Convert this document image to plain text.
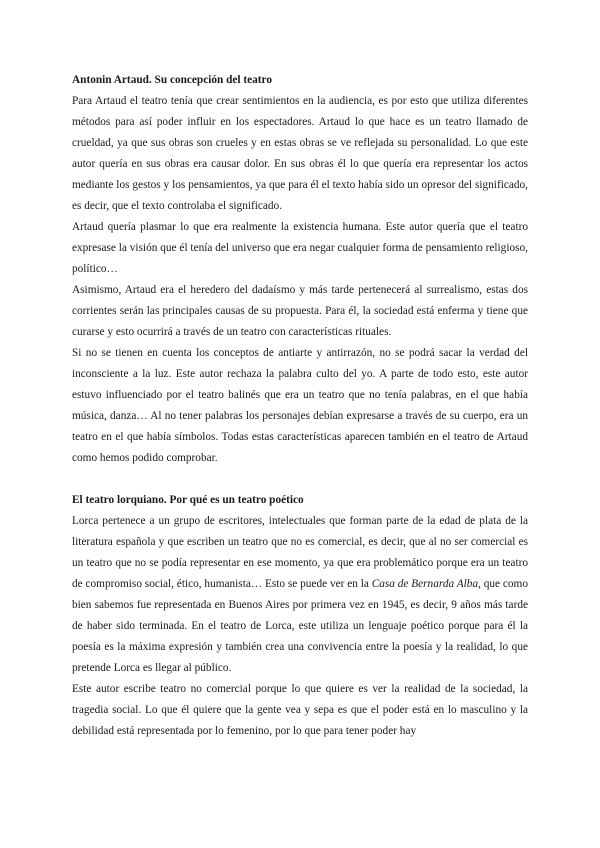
Antonin Artaud. Su concepción del teatro

Para Artaud el teatro tenía que crear sentimientos en la audiencia, es por esto que utiliza diferentes métodos para así poder influir en los espectadores. Artaud lo que hace es un teatro llamado de crueldad, ya que sus obras son crueles y en estas obras se ve reflejada su personalidad. Lo que este autor quería en sus obras era causar dolor. En sus obras él lo que quería era representar los actos mediante los gestos y los pensamientos, ya que para él el texto había sido un opresor del significado, es decir, que el texto controlaba el significado.

Artaud quería plasmar lo que era realmente la existencia humana. Este autor quería que el teatro expresase la visión que él tenía del universo que era negar cualquier forma de pensamiento religioso, político…

Asimismo, Artaud era el heredero del dadaísmo y más tarde pertenecerá al surrealismo, estas dos corrientes serán las principales causas de su propuesta. Para él, la sociedad está enferma y tiene que curarse y esto ocurrirá a través de un teatro con características rituales.

Si no se tienen en cuenta los conceptos de antiarte y antirrazón, no se podrá sacar la verdad del inconsciente a la luz. Este autor rechaza la palabra culto del yo. A parte de todo esto, este autor estuvo influenciado por el teatro balinés que era un teatro que no tenía palabras, en el que había música, danza… Al no tener palabras los personajes debían expresarse a través de su cuerpo, era un teatro en el que había símbolos. Todas estas características aparecen también en el teatro de Artaud como hemos podido comprobar.

El teatro lorquiano. Por qué es un teatro poético

Lorca pertenece a un grupo de escritores, intelectuales que forman parte de la edad de plata de la literatura española y que escriben un teatro que no es comercial, es decir, que al no ser comercial es un teatro que no se podía representar en ese momento, ya que era problemático porque era un teatro de compromiso social, ético, humanista… Esto se puede ver en la Casa de Bernarda Alba, que como bien sabemos fue representada en Buenos Aires por primera vez en 1945, es decir, 9 años más tarde de haber sido terminada. En el teatro de Lorca, este utiliza un lenguaje poético porque para él la poesía es la máxima expresión y también crea una convivencia entre la poesía y la realidad, lo que pretende Lorca es llegar al público.

Este autor escribe teatro no comercial porque lo que quiere es ver la realidad de la sociedad, la tragedia social. Lo que él quiere que la gente vea y sepa es que el poder está en lo masculino y la debilidad está representada por lo femenino, por lo que para tener poder hay
